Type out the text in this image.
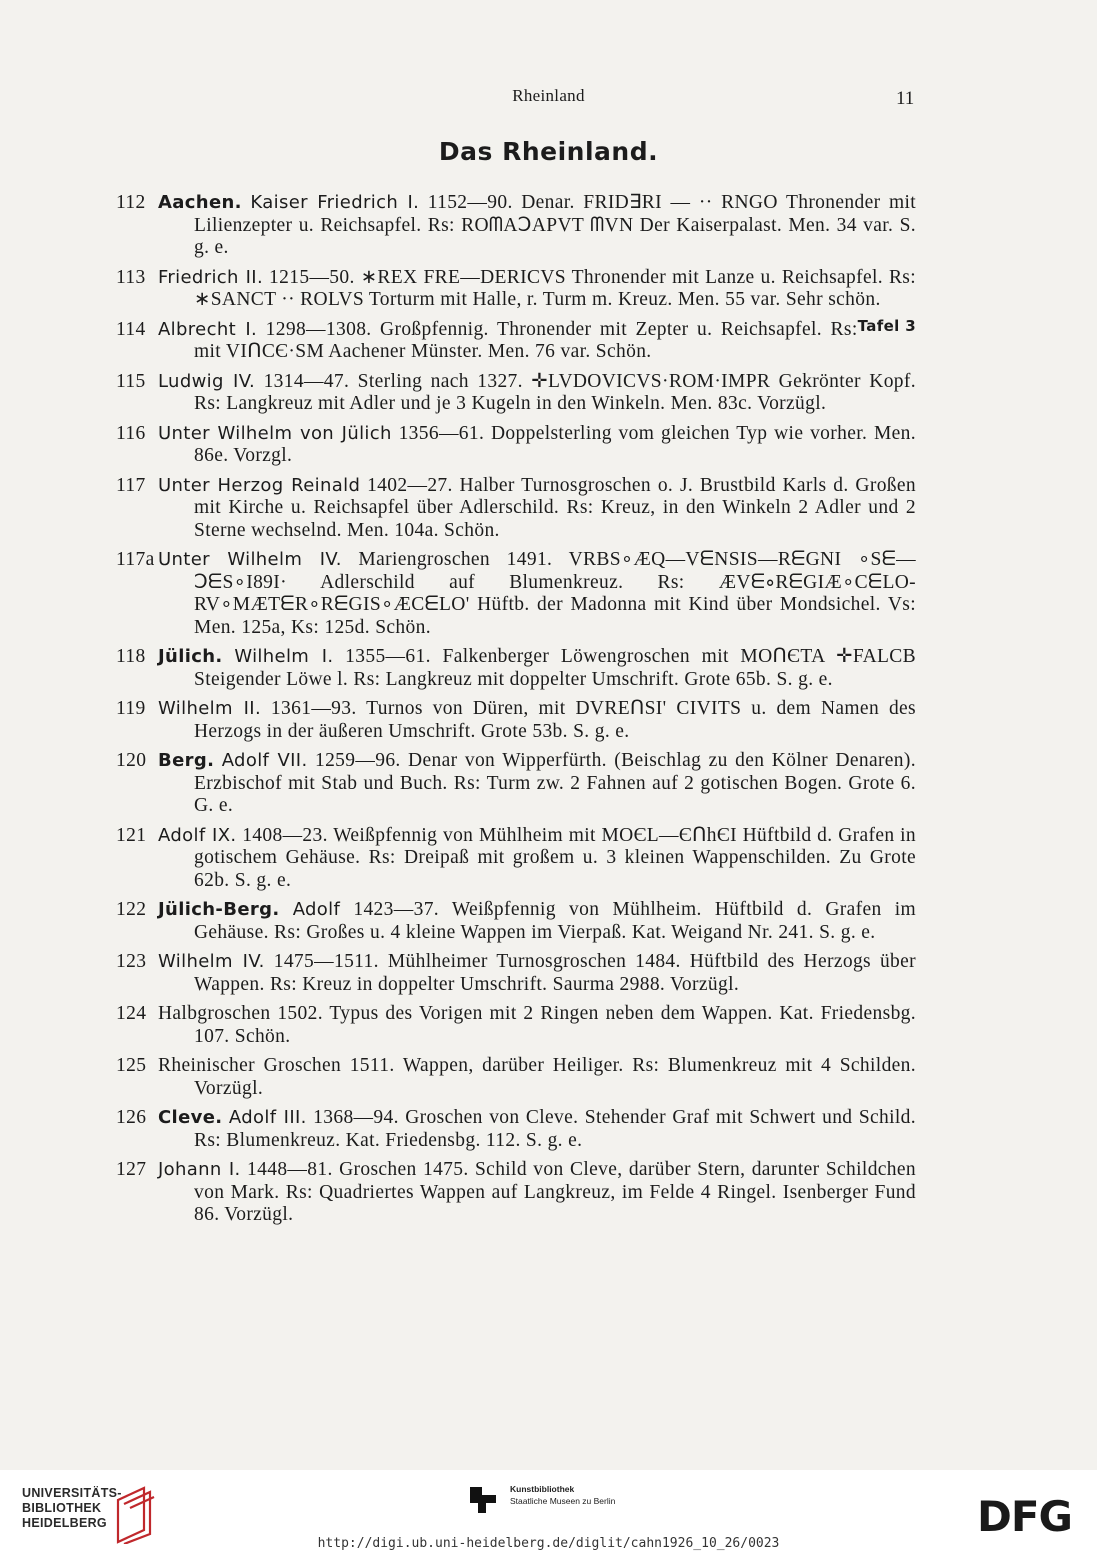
Rheinland	11
Das Rheinland.
112 Aachen. Kaiser Friedrich I. 1152—90. Denar. FRID∃RI — ·· RNGO Thronender mit Lilienzepter u. Reichsapfel. Rs: ROᗰAↃAPVT ᗰVN Der Kaiserpalast. Men. 34 var. S. g. e.
113 Friedrich II. 1215—50. ∗REX FRE—DERICVS Thronender mit Lanze u. Reichsapfel. Rs: ∗SANCT ·· ROLVS Torturm mit Halle, r. Turm m. Kreuz. Men. 55 var. Sehr schön.
Tafel 3
114 Albrecht I. 1298—1308. Großpfennig. Thronender mit Zepter u. Reichsapfel. Rs: mit VIᑎCЄ·SM Aachener Münster. Men. 76 var. Schön.
115 Ludwig IV. 1314—47. Sterling nach 1327. ✛LVDOVICVS·ROM·IMPR Gekrönter Kopf. Rs: Langkreuz mit Adler und je 3 Kugeln in den Winkeln. Men. 83c. Vorzügl.
116 Unter Wilhelm von Jülich 1356—61. Doppelsterling vom gleichen Typ wie vorher. Men. 86e. Vorzgl.
117 Unter Herzog Reinald 1402—27. Halber Turnosgroschen o. J. Brustbild Karls d. Großen mit Kirche u. Reichsapfel über Adlerschild. Rs: Kreuz, in den Winkeln 2 Adler und 2 Sterne wechselnd. Men. 104a. Schön.
117a Unter Wilhelm IV. Mariengroschen 1491. VRBS∘ÆQ—VᗴNSIS—RᗴGNI ∘Sᗴ—ↃᗴS∘I89I· Adlerschild auf Blumenkreuz. Rs: ÆVᗴ∘RᗴGIÆ∘CᗴLO- RV∘MÆTᗴR∘RᗴGIS∘ÆCᗴLO' Hüftb. der Madonna mit Kind über Mondsichel. Vs: Men. 125a, Ks: 125d. Schön.
118 Jülich. Wilhelm I. 1355—61. Falkenberger Löwengroschen mit MOᑎЄTA ✛FALCB Steigender Löwe l. Rs: Langkreuz mit doppelter Umschrift. Grote 65b. S. g. e.
119 Wilhelm II. 1361—93. Turnos von Düren, mit DVREᑎSI' CIVITS u. dem Namen des Herzogs in der äußeren Umschrift. Grote 53b. S. g. e.
120 Berg. Adolf VII. 1259—96. Denar von Wipperfürth. (Beischlag zu den Kölner Denaren). Erzbischof mit Stab und Buch. Rs: Turm zw. 2 Fahnen auf 2 gotischen Bogen. Grote 6. G. e.
121 Adolf IX. 1408—23. Weißpfennig von Mühlheim mit MOЄL—ЄᑎhЄI Hüftbild d. Grafen in gotischem Gehäuse. Rs: Dreipaß mit großem u. 3 kleinen Wappenschilden. Zu Grote 62b. S. g. e.
122 Jülich-Berg. Adolf 1423—37. Weißpfennig von Mühlheim. Hüftbild d. Grafen im Gehäuse. Rs: Großes u. 4 kleine Wappen im Vierpaß. Kat. Weigand Nr. 241. S. g. e.
123 Wilhelm IV. 1475—1511. Mühlheimer Turnosgroschen 1484. Hüftbild des Herzogs über Wappen. Rs: Kreuz in doppelter Umschrift. Saurma 2988. Vorzügl.
124 Halbgroschen 1502. Typus des Vorigen mit 2 Ringen neben dem Wappen. Kat. Friedensbg. 107. Schön.
125 Rheinischer Groschen 1511. Wappen, darüber Heiliger. Rs: Blumenkreuz mit 4 Schilden. Vorzügl.
126 Cleve. Adolf III. 1368—94. Groschen von Cleve. Stehender Graf mit Schwert und Schild. Rs: Blumenkreuz. Kat. Friedensbg. 112. S. g. e.
127 Johann I. 1448—81. Groschen 1475. Schild von Cleve, darüber Stern, darunter Schildchen von Mark. Rs: Quadriertes Wappen auf Langkreuz, im Felde 4 Ringel. Isenberger Fund 86. Vorzügl.
UNIVERSITÄTS-
BIBLIOTHEK
HEIDELBERG
Kunstbibliothek
Staatliche Museen zu Berlin	DFG
http://digi.ub.uni-heidelberg.de/diglit/cahn1926_10_26/0023
